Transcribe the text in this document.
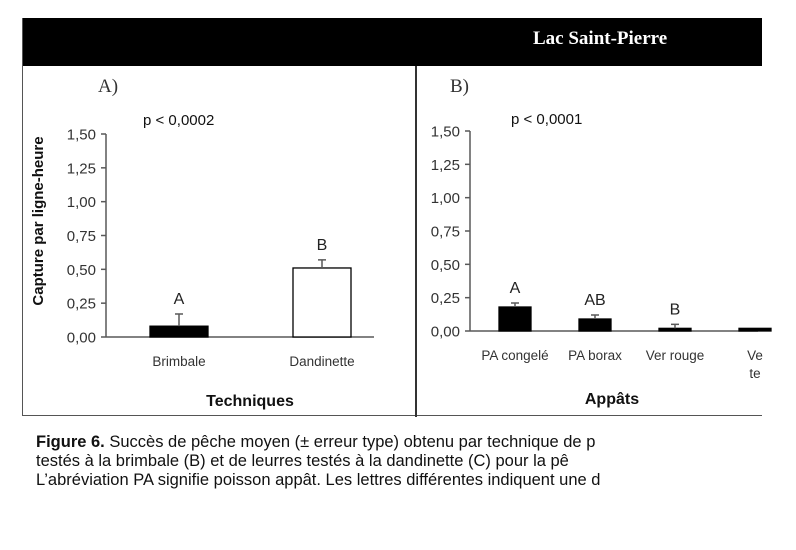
Lac Saint-Pierre
A)
p < 0,0002
B)
p < 0,0001
0,00
0,25
0,50
0,75
1,00
1,25
1,50
A
Brimbale
B
Dandinette
Techniques
Capture par ligne-heure
0,00
0,25
0,50
0,75
1,00
1,25
1,50
A
PA congelé
AB
PA borax
B
Ver rouge	Ve
te
Appâts
Figure 6. Succès de pêche moyen (± erreur type) obtenu par technique de p
testés à la brimbale (B) et de leurres testés à la dandinette (C) pour la pê
L’abréviation PA signifie poisson appât. Les lettres différentes indiquent une d
